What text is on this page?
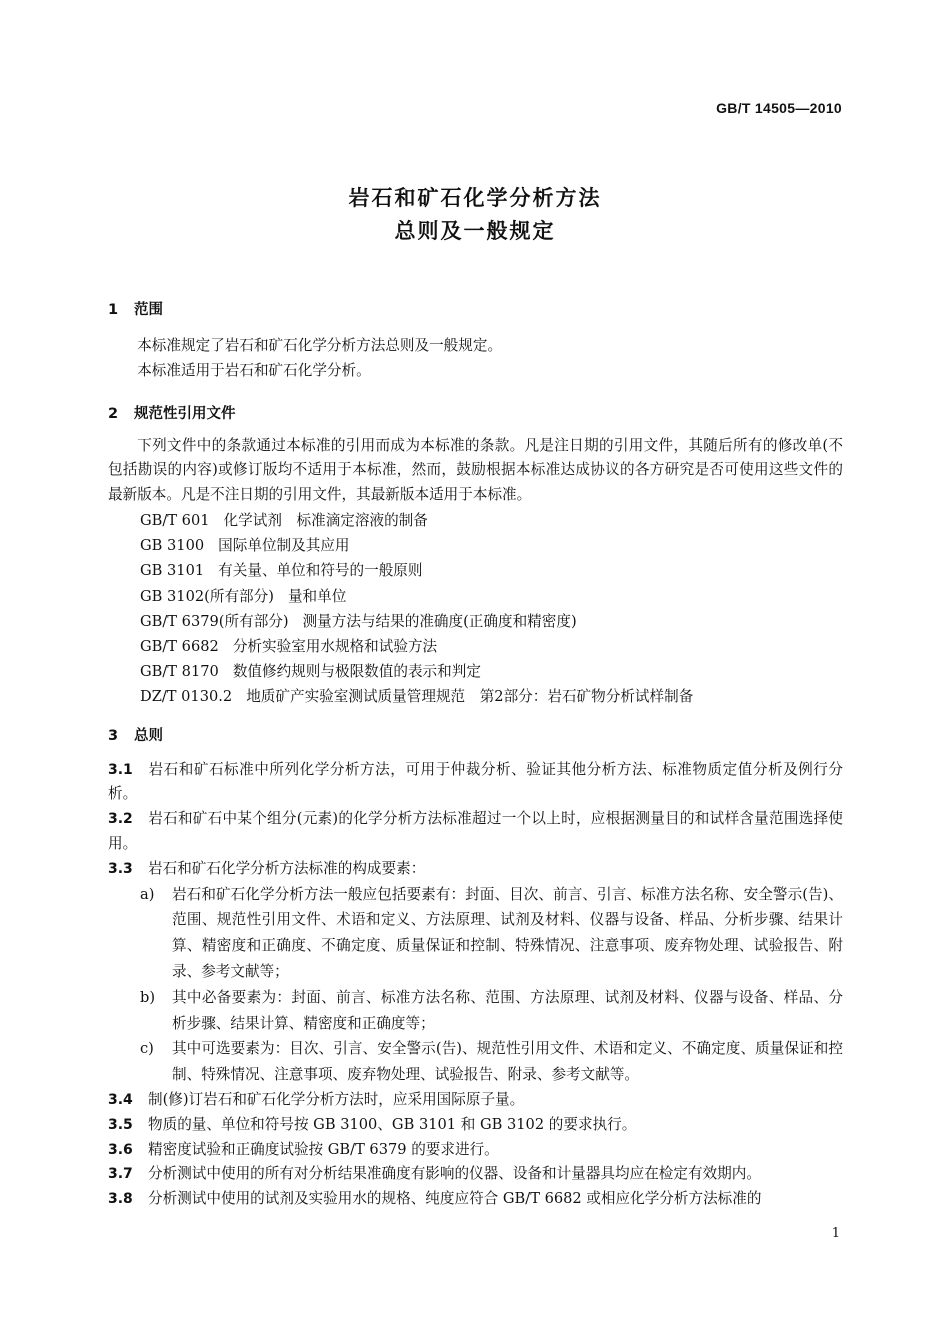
GB/T 14505—2010
岩石和矿石化学分析方法
总则及一般规定
1 范围
本标准规定了岩石和矿石化学分析方法总则及一般规定。
本标准适用于岩石和矿石化学分析。
2 规范性引用文件
下列文件中的条款通过本标准的引用而成为本标准的条款。凡是注日期的引用文件，其随后所有的修改单(不包括勘误的内容)或修订版均不适用于本标准，然而，鼓励根据本标准达成协议的各方研究是否可使用这些文件的最新版本。凡是不注日期的引用文件，其最新版本适用于本标准。
GB/T 601 化学试剂　标准滴定溶液的制备
GB 3100 国际单位制及其应用
GB 3101 有关量、单位和符号的一般原则
GB 3102(所有部分) 量和单位
GB/T 6379(所有部分) 测量方法与结果的准确度(正确度和精密度)
GB/T 6682 分析实验室用水规格和试验方法
GB/T 8170 数值修约规则与极限数值的表示和判定
DZ/T 0130.2 地质矿产实验室测试质量管理规范　第2部分：岩石矿物分析试样制备
3 总则
3.1 岩石和矿石标准中所列化学分析方法，可用于仲裁分析、验证其他分析方法、标准物质定值分析及例行分析。
3.2 岩石和矿石中某个组分(元素)的化学分析方法标准超过一个以上时，应根据测量目的和试样含量范围选择使用。
3.3 岩石和矿石化学分析方法标准的构成要素：
a) 岩石和矿石化学分析方法一般应包括要素有：封面、目次、前言、引言、标准方法名称、安全警示(告)、范围、规范性引用文件、术语和定义、方法原理、试剂及材料、仪器与设备、样品、分析步骤、结果计算、精密度和正确度、不确定度、质量保证和控制、特殊情况、注意事项、废弃物处理、试验报告、附录、参考文献等；
b) 其中必备要素为：封面、前言、标准方法名称、范围、方法原理、试剂及材料、仪器与设备、样品、分析步骤、结果计算、精密度和正确度等；
c) 其中可选要素为：目次、引言、安全警示(告)、规范性引用文件、术语和定义、不确定度、质量保证和控制、特殊情况、注意事项、废弃物处理、试验报告、附录、参考文献等。
3.4 制(修)订岩石和矿石化学分析方法时，应采用国际原子量。
3.5 物质的量、单位和符号按 GB 3100、GB 3101 和 GB 3102 的要求执行。
3.6 精密度试验和正确度试验按 GB/T 6379 的要求进行。
3.7 分析测试中使用的所有对分析结果准确度有影响的仪器、设备和计量器具均应在检定有效期内。
3.8 分析测试中使用的试剂及实验用水的规格、纯度应符合 GB/T 6682 或相应化学分析方法标准的
1
